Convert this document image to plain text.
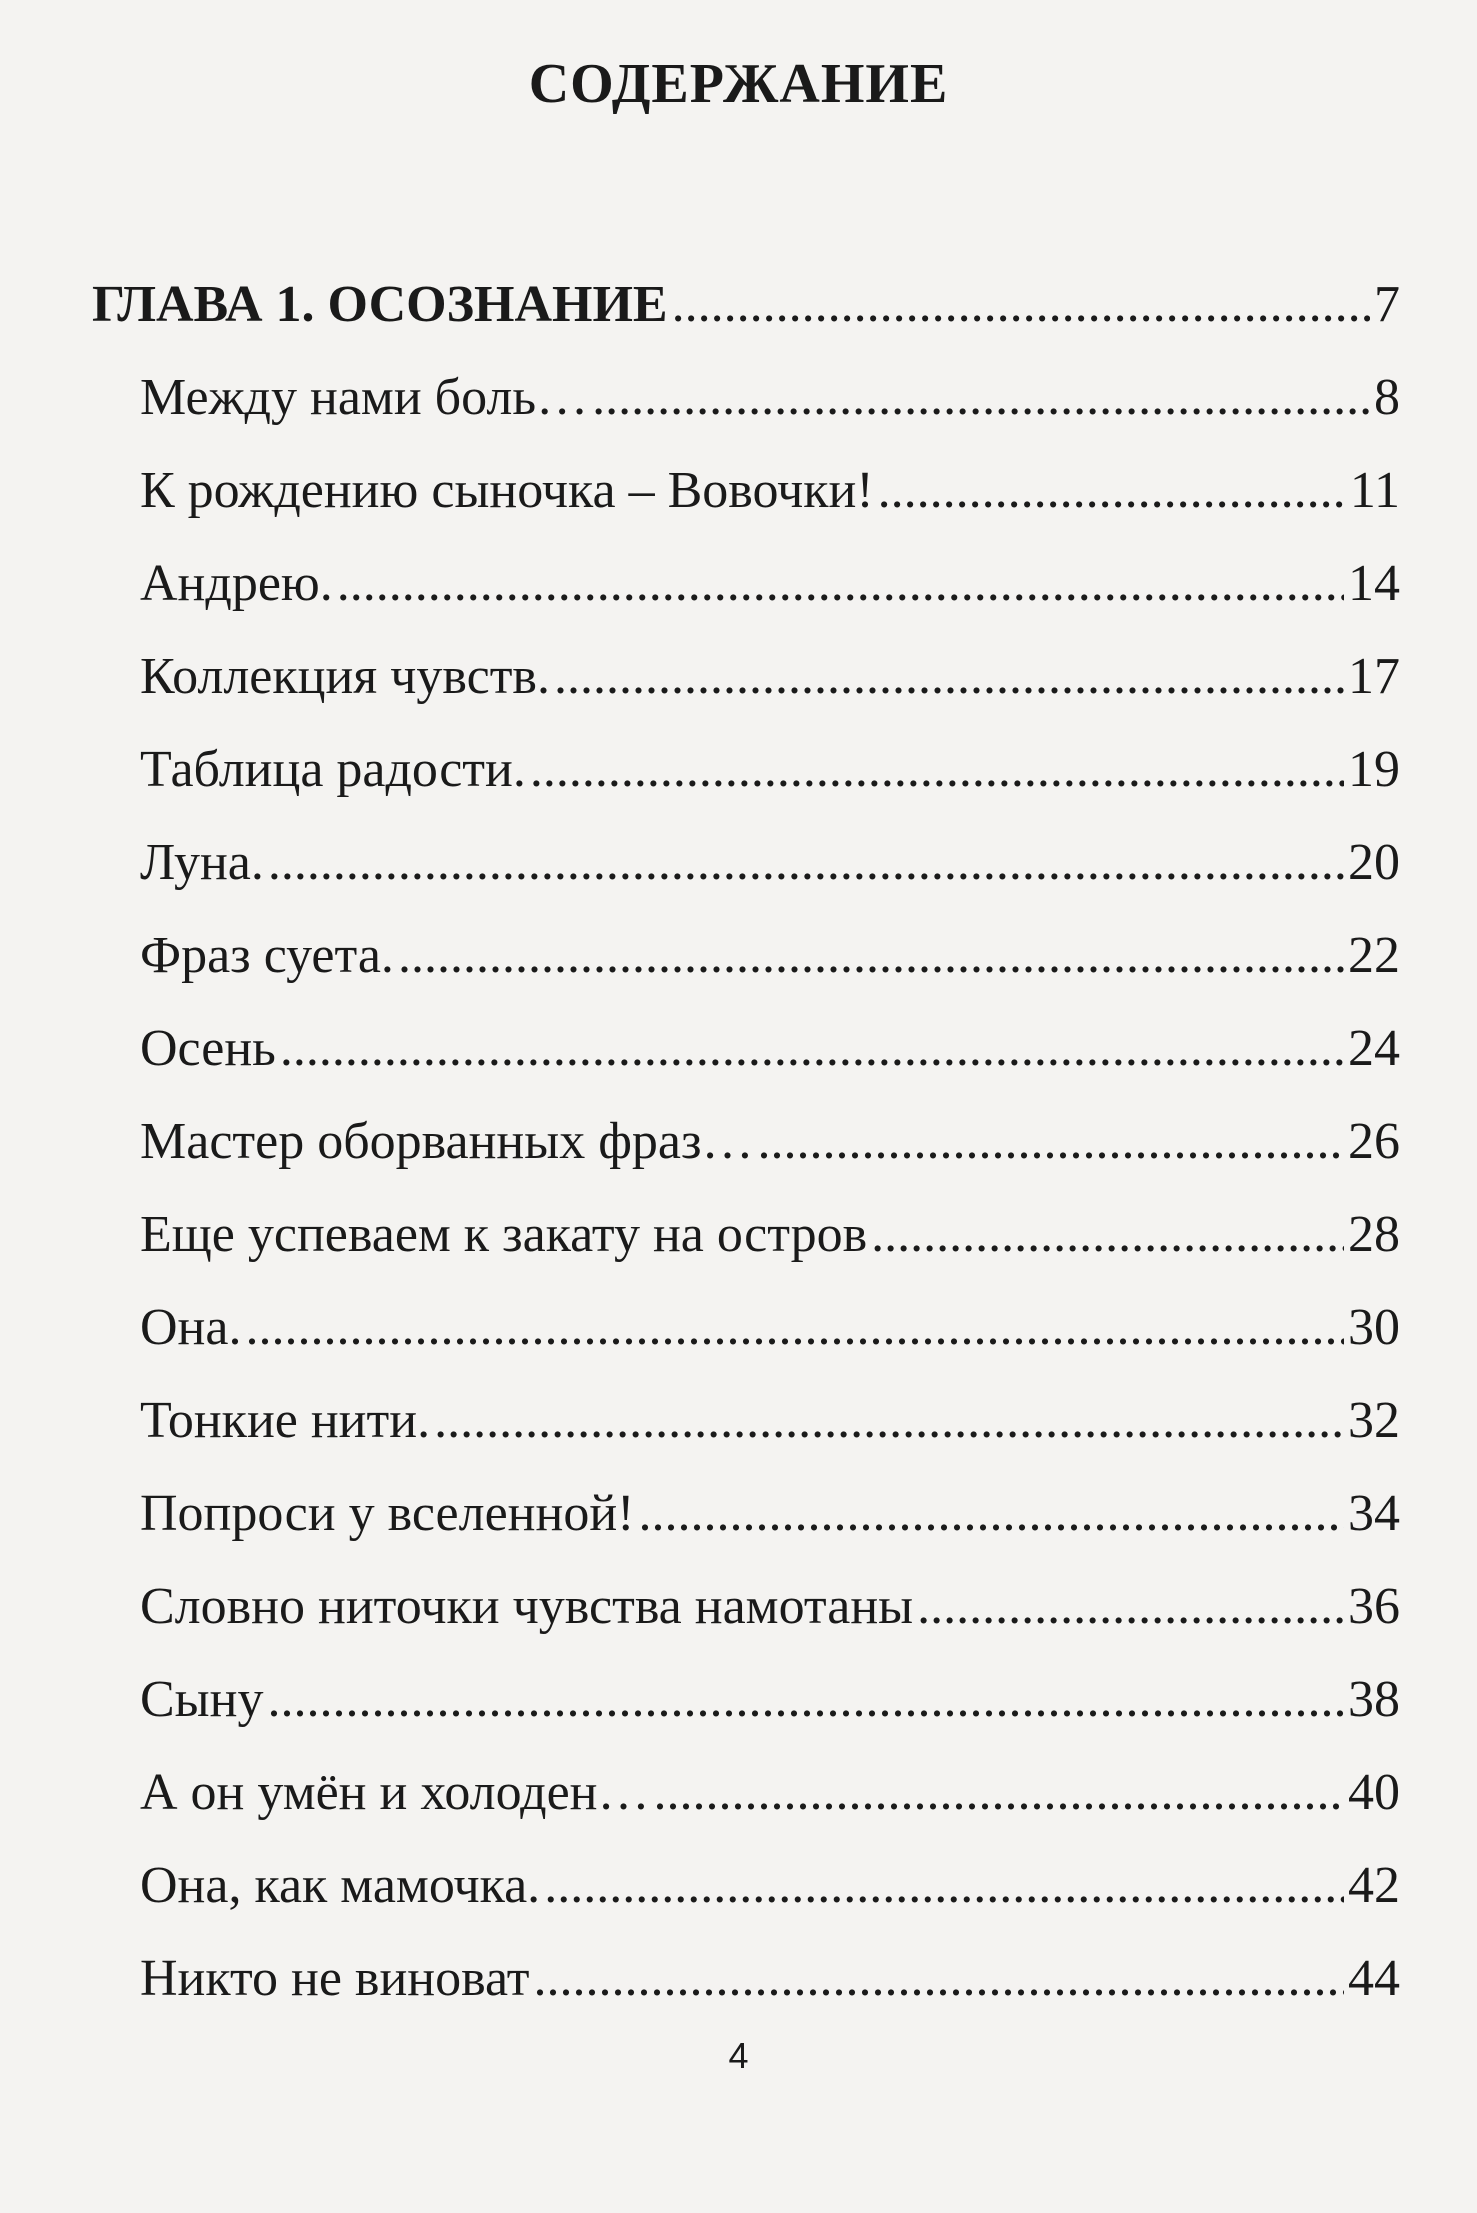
СОДЕРЖАНИЕ
ГЛАВА 1. ОСОЗНАНИЕ .....	7
Между нами боль… .....	8
К рождению сыночка – Вовочки! .....	11
Андрею. .....	14
Коллекция чувств. .....	17
Таблица радости. .....	19
Луна. .....	20
Фраз суета. .....	22
Осень .....	24
Мастер оборванных фраз… .....	26
Еще успеваем к закату на остров .....	28
Она. .....	30
Тонкие нити. .....	32
Попроси у вселенной! .....	34
Словно ниточки чувства намотаны .....	36
Сыну .....	38
А он умён и холоден… .....	40
Она, как мамочка. .....	42
Никто не виноват .....	44
4
